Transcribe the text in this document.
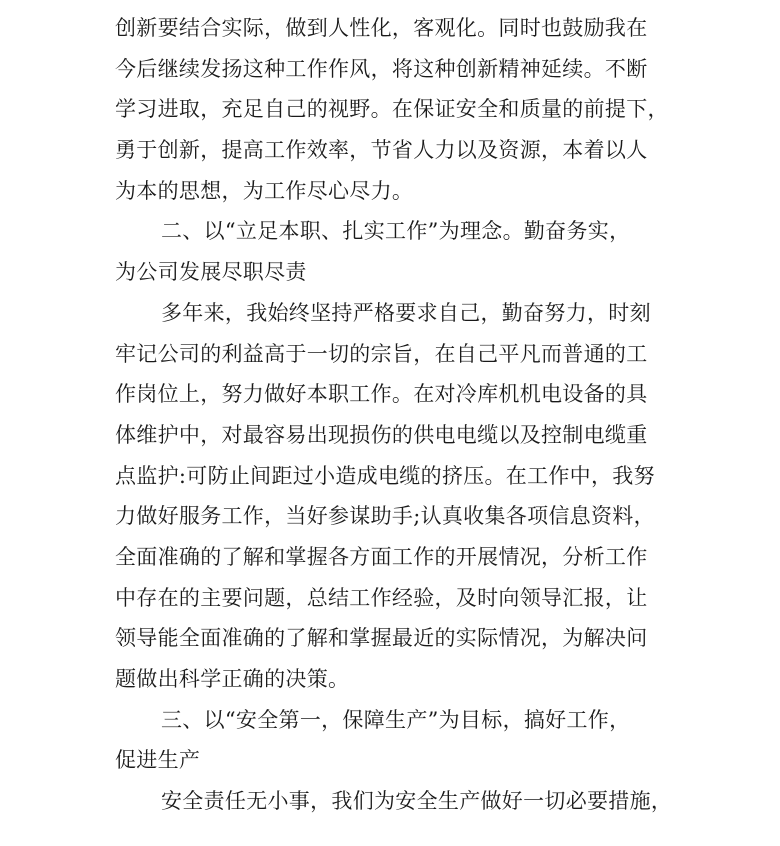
创新要结合实际，做到人性化，客观化。同时也鼓励我在
今后继续发扬这种工作作风，将这种创新精神延续。不断
学习进取，充足自己的视野。在保证安全和质量的前提下，
勇于创新，提高工作效率，节省人力以及资源，本着以人
为本的思想，为工作尽心尽力。
二、以“立足本职、扎实工作”为理念。勤奋务实，
为公司发展尽职尽责
多年来，我始终坚持严格要求自己，勤奋努力，时刻
牢记公司的利益高于一切的宗旨，在自己平凡而普通的工
作岗位上，努力做好本职工作。在对冷库机机电设备的具
体维护中，对最容易出现损伤的供电电缆以及控制电缆重
点监护:可防止间距过小造成电缆的挤压。在工作中，我努
力做好服务工作，当好参谋助手;认真收集各项信息资料，
全面准确的了解和掌握各方面工作的开展情况，分析工作
中存在的主要问题，总结工作经验，及时向领导汇报，让
领导能全面准确的了解和掌握最近的实际情况，为解决问
题做出科学正确的决策。
三、以“安全第一，保障生产”为目标，搞好工作，
促进生产
安全责任无小事，我们为安全生产做好一切必要措施，
